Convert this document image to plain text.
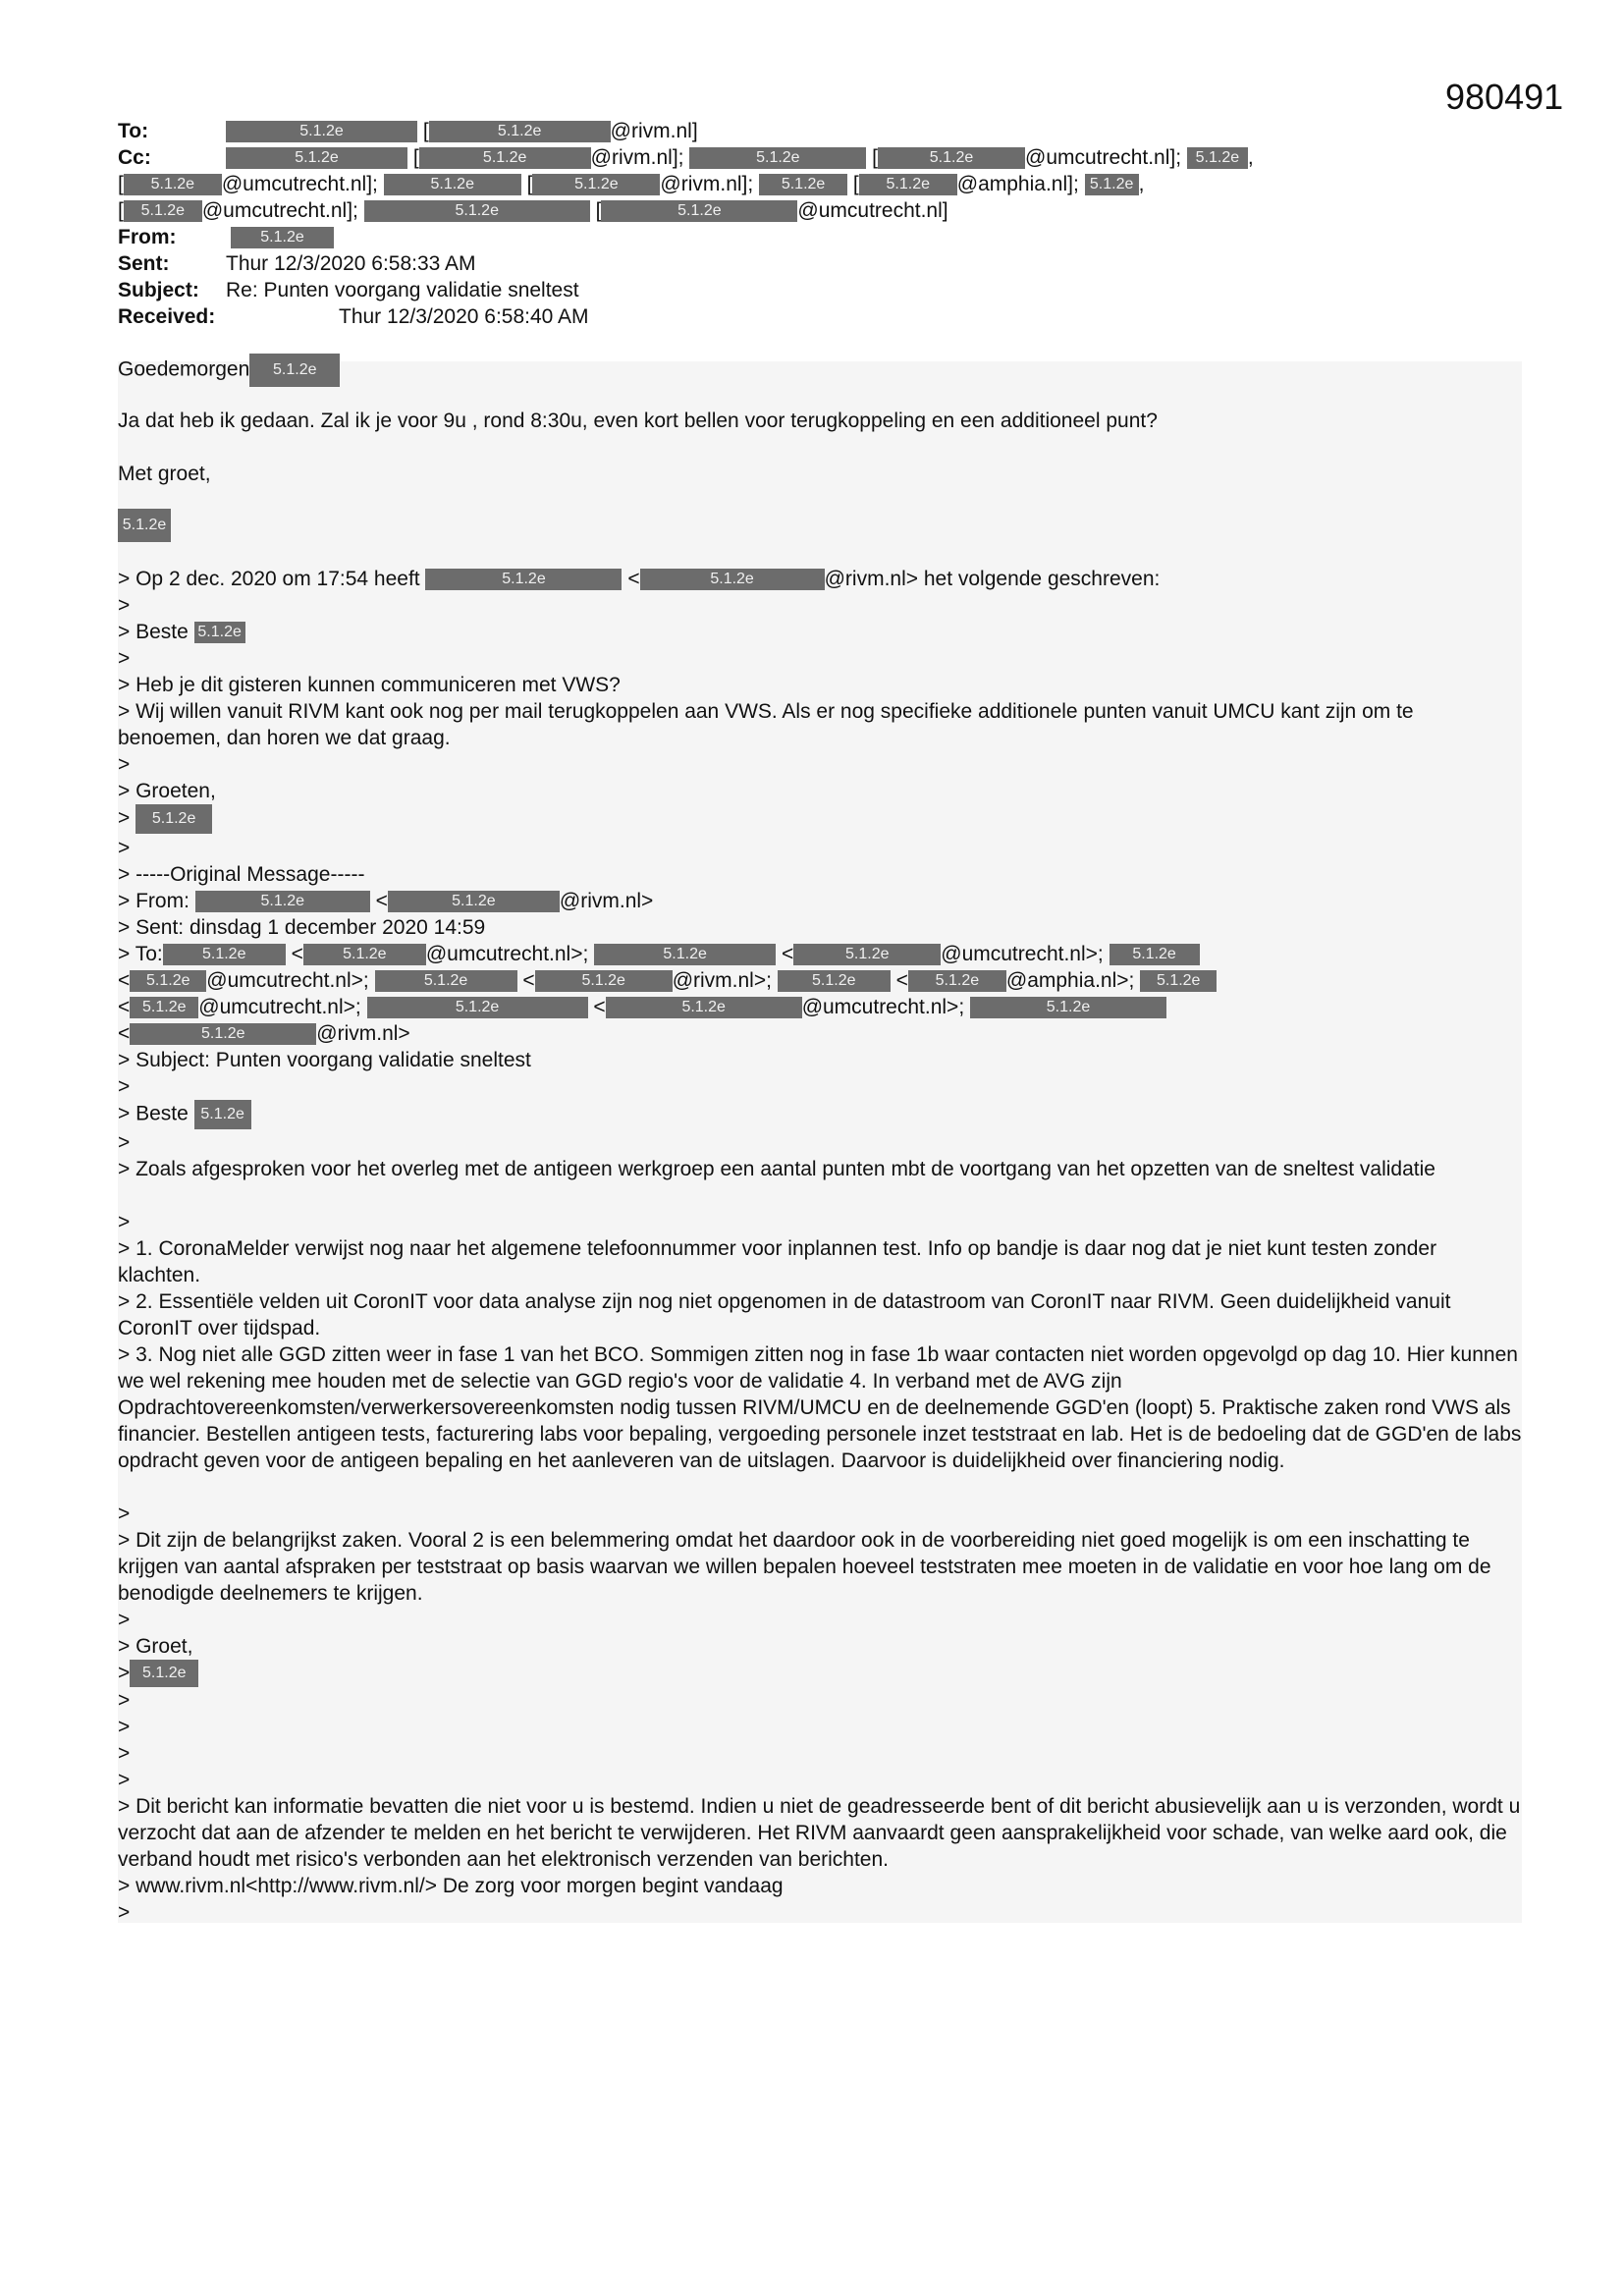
980491
To:	5.1.2e	[	5.1.2e	@rivm.nl]
Cc:	5.1.2e	[	5.1.2e	@rivm.nl];	5.1.2e	[	5.1.2e	@umcutrecht.nl]; 5.1.2e ,
[ 5.1.2e @umcutrecht.nl];	5.1.2e [	5.1.2e @rivm.nl]; 5.1.2e [ 5.1.2e @amphia.nl]; 5.1.2e ,
[ 5.1.2e @umcutrecht.nl];	5.1.2e	[	5.1.2e	@umcutrecht.nl]
From:	5.1.2e
Sent:	Thur 12/3/2020 6:58:33 AM
Subject: Re: Punten voorgang validatie sneltest
Received:	Thur 12/3/2020 6:58:40 AM
Goedemorgen 5.1.2e
Ja dat heb ik gedaan. Zal ik je voor 9u , rond 8:30u, even kort bellen voor terugkoppeling en een additioneel punt?
Met groet,
5.1.2e
> Op 2 dec. 2020 om 17:54 heeft	5.1.2e	<	5.1.2e	@rivm.nl> het volgende geschreven:
>
> Beste 5.1.2e
>
> Heb je dit gisteren kunnen communiceren met VWS?
> Wij willen vanuit RIVM kant ook nog per mail terugkoppelen aan VWS. Als er nog specifieke additionele punten vanuit UMCU kant zijn om te benoemen, dan horen we dat graag.
>
> Groeten,
> 5.1.2e
>
> -----Original Message-----
> From:	5.1.2e	<	5.1.2e	@rivm.nl>
> Sent: dinsdag 1 december 2020 14:59
> To:	5.1.2e <	5.1.2e @umcutrecht.nl>;	5.1.2e	<	5.1.2e	@umcutrecht.nl>; 5.1.2e
< 5.1.2e @umcutrecht.nl>;	5.1.2e <	5.1.2e @rivm.nl>;	5.1.2e < 5.1.2e @amphia.nl>; 5.1.2e
< 5.1.2e @umcutrecht.nl>;	5.1.2e	<	5.1.2e	@umcutrecht.nl>;	5.1.2e
<	5.1.2e	@rivm.nl>
> Subject: Punten voorgang validatie sneltest
>
> Beste 5.1.2e
>
> Zoals afgesproken voor het overleg met de antigeen werkgroep een aantal punten mbt de voortgang van het opzetten van de sneltest validatie
>
> 1. CoronaMelder verwijst nog naar het algemene telefoonnummer voor inplannen test. Info op bandje is daar nog dat je niet kunt testen zonder klachten.
> 2. Essentiële velden uit CoronIT voor data analyse zijn nog niet opgenomen in de datastroom van CoronIT naar RIVM. Geen duidelijkheid vanuit CoronIT over tijdspad.
> 3. Nog niet alle GGD zitten weer in fase 1 van het BCO. Sommigen zitten nog in fase 1b waar contacten niet worden opgevolgd op dag 10. Hier kunnen we wel rekening mee houden met de selectie van GGD regio's voor de validatie 4. In verband met de AVG zijn Opdrachtovereenkomsten/verwerkersovereenkomsten nodig tussen RIVM/UMCU en de deelnemende GGD'en (loopt) 5. Praktische zaken rond VWS als financier. Bestellen antigeen tests, facturering labs voor bepaling, vergoeding personele inzet teststraat en lab. Het is de bedoeling dat de GGD'en de labs opdracht geven voor de antigeen bepaling en het aanleveren van de uitslagen. Daarvoor is duidelijkheid over financiering nodig.
>
> Dit zijn de belangrijkst zaken. Vooral 2 is een belemmering omdat het daardoor ook in de voorbereiding niet goed mogelijk is om een inschatting te krijgen van aantal afspraken per teststraat op basis waarvan we willen bepalen hoeveel teststraten mee moeten in de validatie en voor hoe lang om de benodigde deelnemers te krijgen.
>
> Groet,
> 5.1.2e
>
>
>
>
> Dit bericht kan informatie bevatten die niet voor u is bestemd. Indien u niet de geadresseerde bent of dit bericht abusievelijk aan u is verzonden, wordt u verzocht dat aan de afzender te melden en het bericht te verwijderen. Het RIVM aanvaardt geen aansprakelijkheid voor schade, van welke aard ook, die verband houdt met risico's verbonden aan het elektronisch verzenden van berichten.
> www.rivm.nl<http://www.rivm.nl/> De zorg voor morgen begint vandaag
>
